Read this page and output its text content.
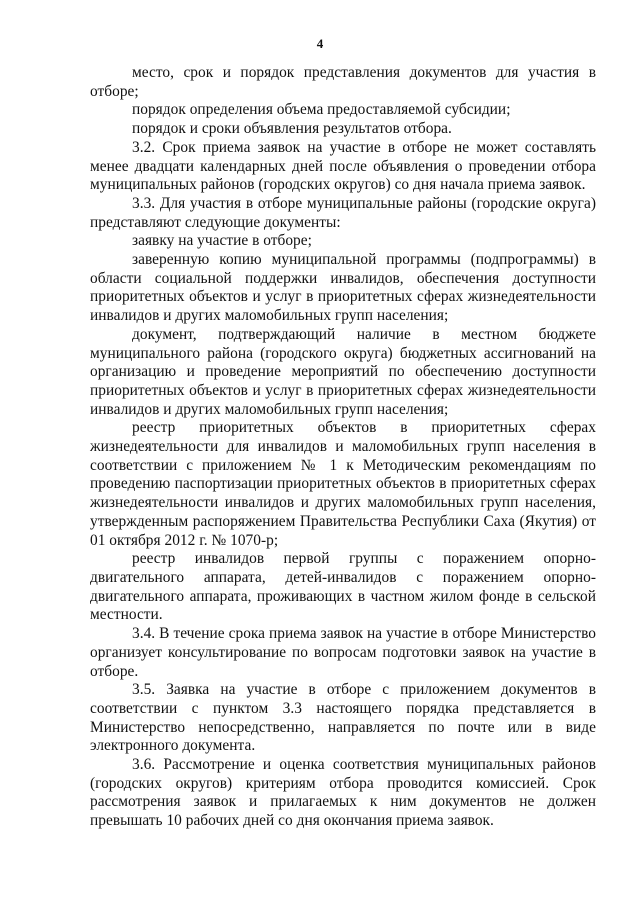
4

место, срок и порядок представления документов для участия в отборе;

порядок определения объема предоставляемой субсидии;

порядок и сроки объявления результатов отбора.

3.2. Срок приема заявок на участие в отборе не может составлять менее двадцати календарных дней после объявления о проведении отбора муниципальных районов (городских округов) со дня начала приема заявок.

3.3. Для участия в отборе муниципальные районы (городские округа) представляют следующие документы:

заявку на участие в отборе;

заверенную копию муниципальной программы (подпрограммы) в области социальной поддержки инвалидов, обеспечения доступности приоритетных объектов и услуг в приоритетных сферах жизнедеятельности инвалидов и других маломобильных групп населения;

документ, подтверждающий наличие в местном бюджете муниципального района (городского округа) бюджетных ассигнований на организацию и проведение мероприятий по обеспечению доступности приоритетных объектов и услуг в приоритетных сферах жизнедеятельности инвалидов и других маломобильных групп населения;

реестр приоритетных объектов в приоритетных сферах жизнедеятельности для инвалидов и маломобильных групп населения в соответствии с приложением № 1 к Методическим рекомендациям по проведению паспортизации приоритетных объектов в приоритетных сферах жизнедеятельности инвалидов и других маломобильных групп населения, утвержденным распоряжением Правительства Республики Саха (Якутия) от 01 октября 2012 г. № 1070-р;

реестр инвалидов первой группы с поражением опорно-двигательного аппарата, детей-инвалидов с поражением опорно-двигательного аппарата, проживающих в частном жилом фонде в сельской местности.

3.4. В течение срока приема заявок на участие в отборе Министерство организует консультирование по вопросам подготовки заявок на участие в отборе.

3.5. Заявка на участие в отборе с приложением документов в соответствии с пунктом 3.3 настоящего порядка представляется в Министерство непосредственно, направляется по почте или в виде электронного документа.

3.6. Рассмотрение и оценка соответствия муниципальных районов (городских округов) критериям отбора проводится комиссией. Срок рассмотрения заявок и прилагаемых к ним документов не должен превышать 10 рабочих дней со дня окончания приема заявок.
